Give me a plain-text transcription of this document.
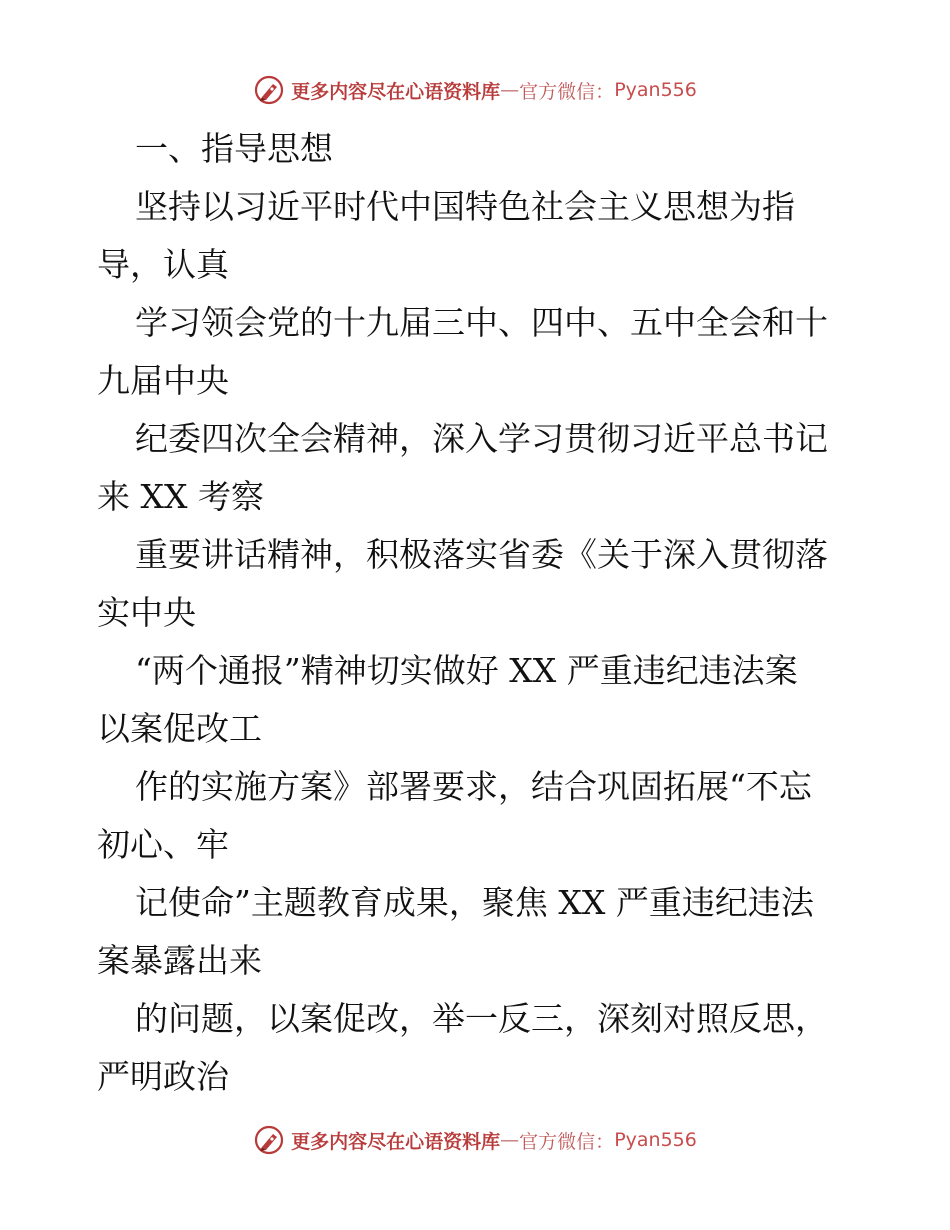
更多内容尽在心语资料库 — 官方微信： Pyan556
一、指导思想
坚持以习近平时代中国特色社会主义思想为指
导，认真
学习领会党的十九届三中、四中、五中全会和十
九届中央
纪委四次全会精神，深入学习贯彻习近平总书记
来 XX 考察
重要讲话精神，积极落实省委《关于深入贯彻落
实中央
“两个通报”精神切实做好 XX 严重违纪违法案
以案促改工
作的实施方案》部署要求，结合巩固拓展“不忘
初心、牢
记使命”主题教育成果，聚焦 XX 严重违纪违法
案暴露出来
的问题，以案促改，举一反三，深刻对照反思，
严明政治
更多内容尽在心语资料库 — 官方微信： Pyan556
